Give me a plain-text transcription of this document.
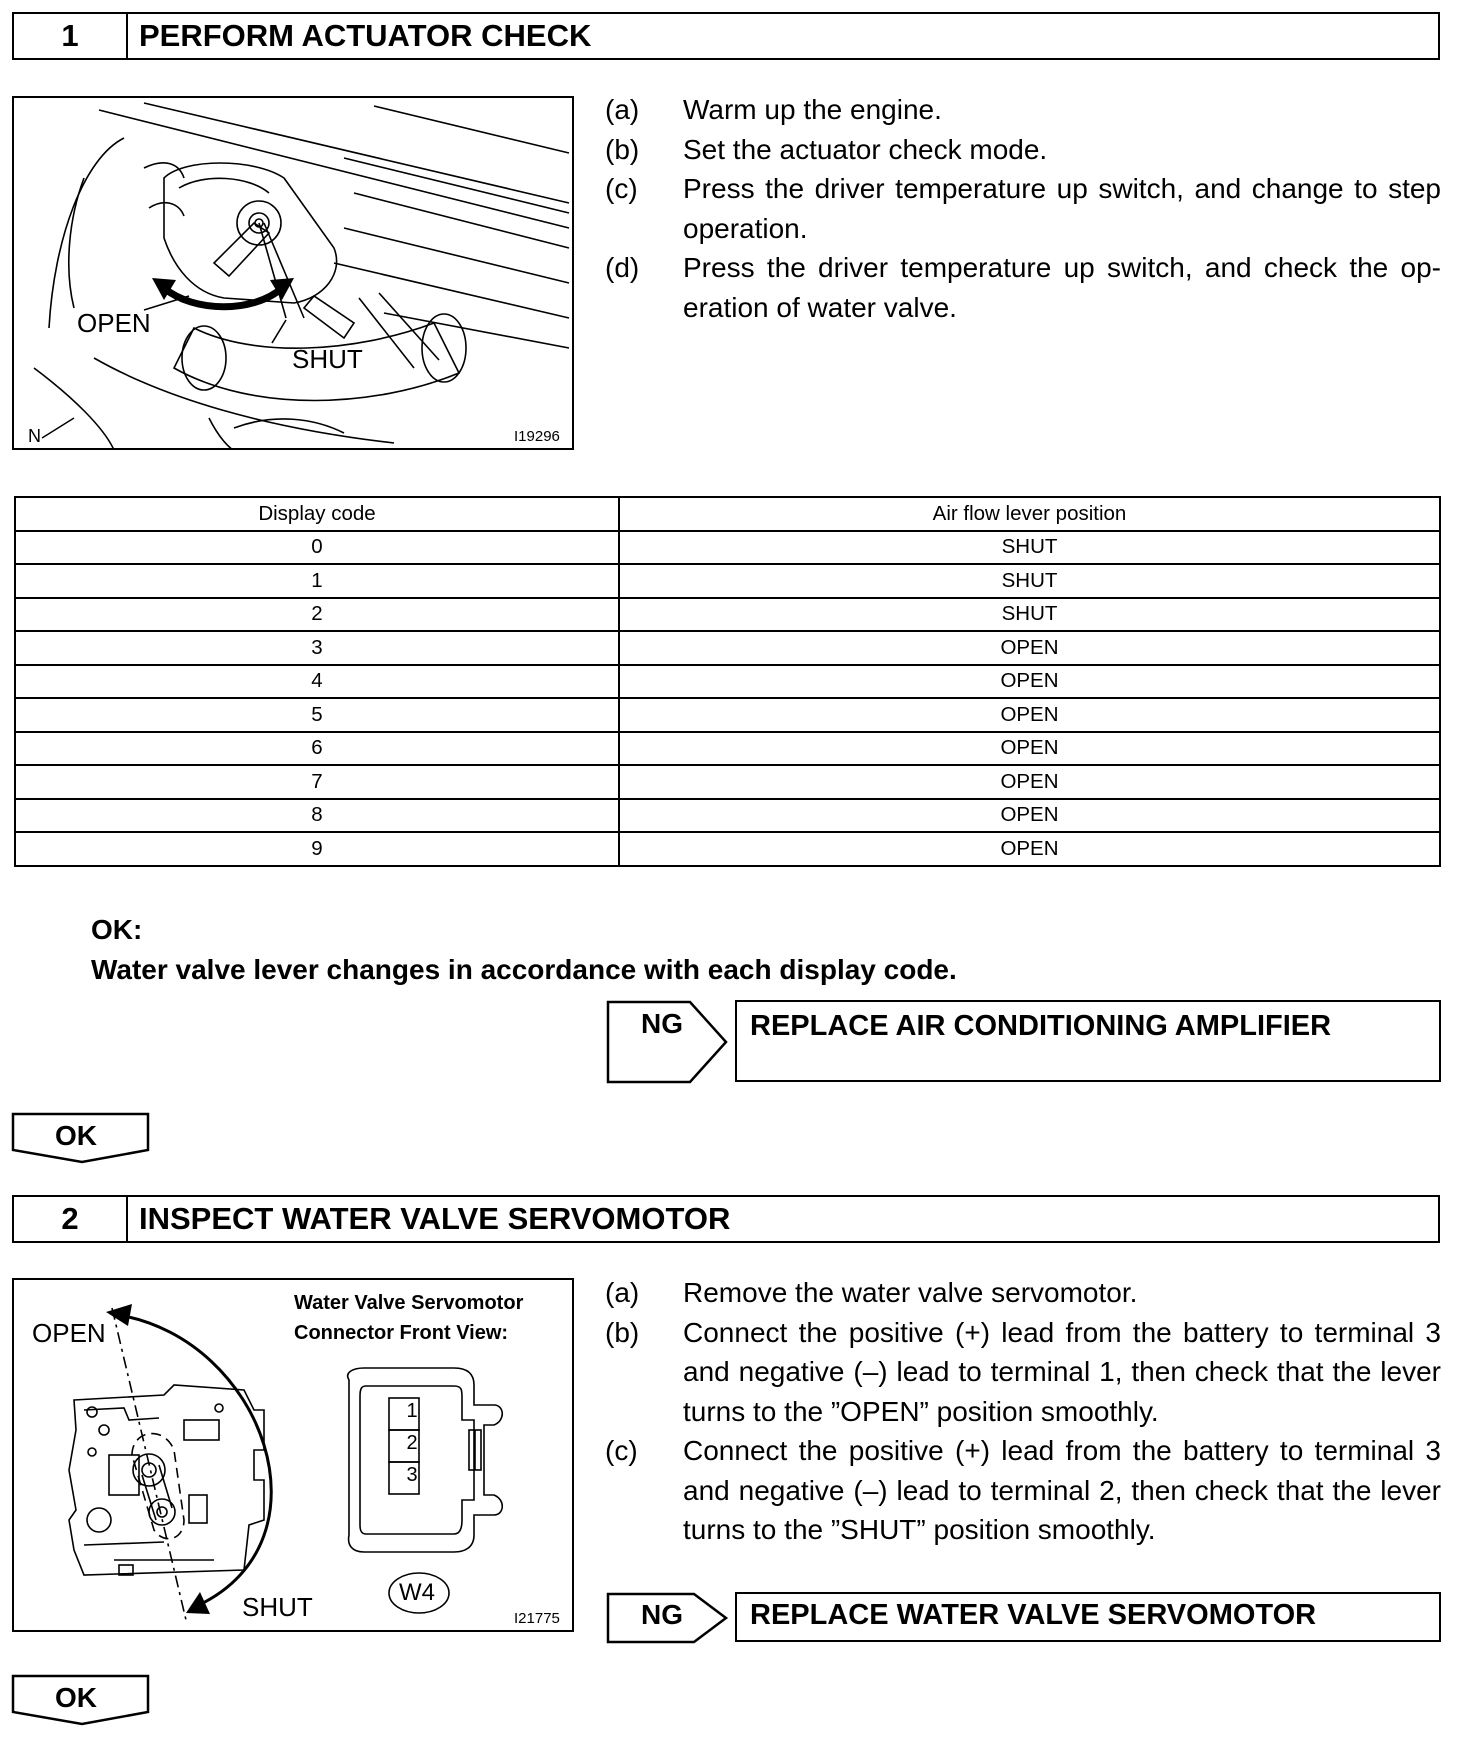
1	PERFORM ACTUATOR CHECK
OPEN
SHUT
N	I19296
(a)	Warm up the engine.
(b)	Set the actuator check mode.
(c)	Press the driver temperature up switch, and change to step operation.
(d)	Press the driver temperature up switch, and check the op-eration of water valve.
Display code	Air flow lever position
0	SHUT
1	SHUT
2	SHUT
3	OPEN
4	OPEN
5	OPEN
6	OPEN
7	OPEN
8	OPEN
9	OPEN
OK:
Water valve lever changes in accordance with each display code.
NG	REPLACE AIR CONDITIONING AMPLIFIER
OK
2	INSPECT WATER VALVE SERVOMOTOR
OPEN
SHUT
Water Valve Servomotor
Connector Front View:
1
2
3
W4
I21775
(a)	Remove the water valve servomotor.
(b)	Connect the positive (+) lead from the battery to terminal 3 and negative (–) lead to terminal 1, then check that the lever turns to the ”OPEN” position smoothly.
(c)	Connect the positive (+) lead from the battery to terminal 3 and negative (–) lead to terminal 2, then check that the lever turns to the ”SHUT” position smoothly.
NG	REPLACE WATER VALVE SERVOMOTOR
OK
